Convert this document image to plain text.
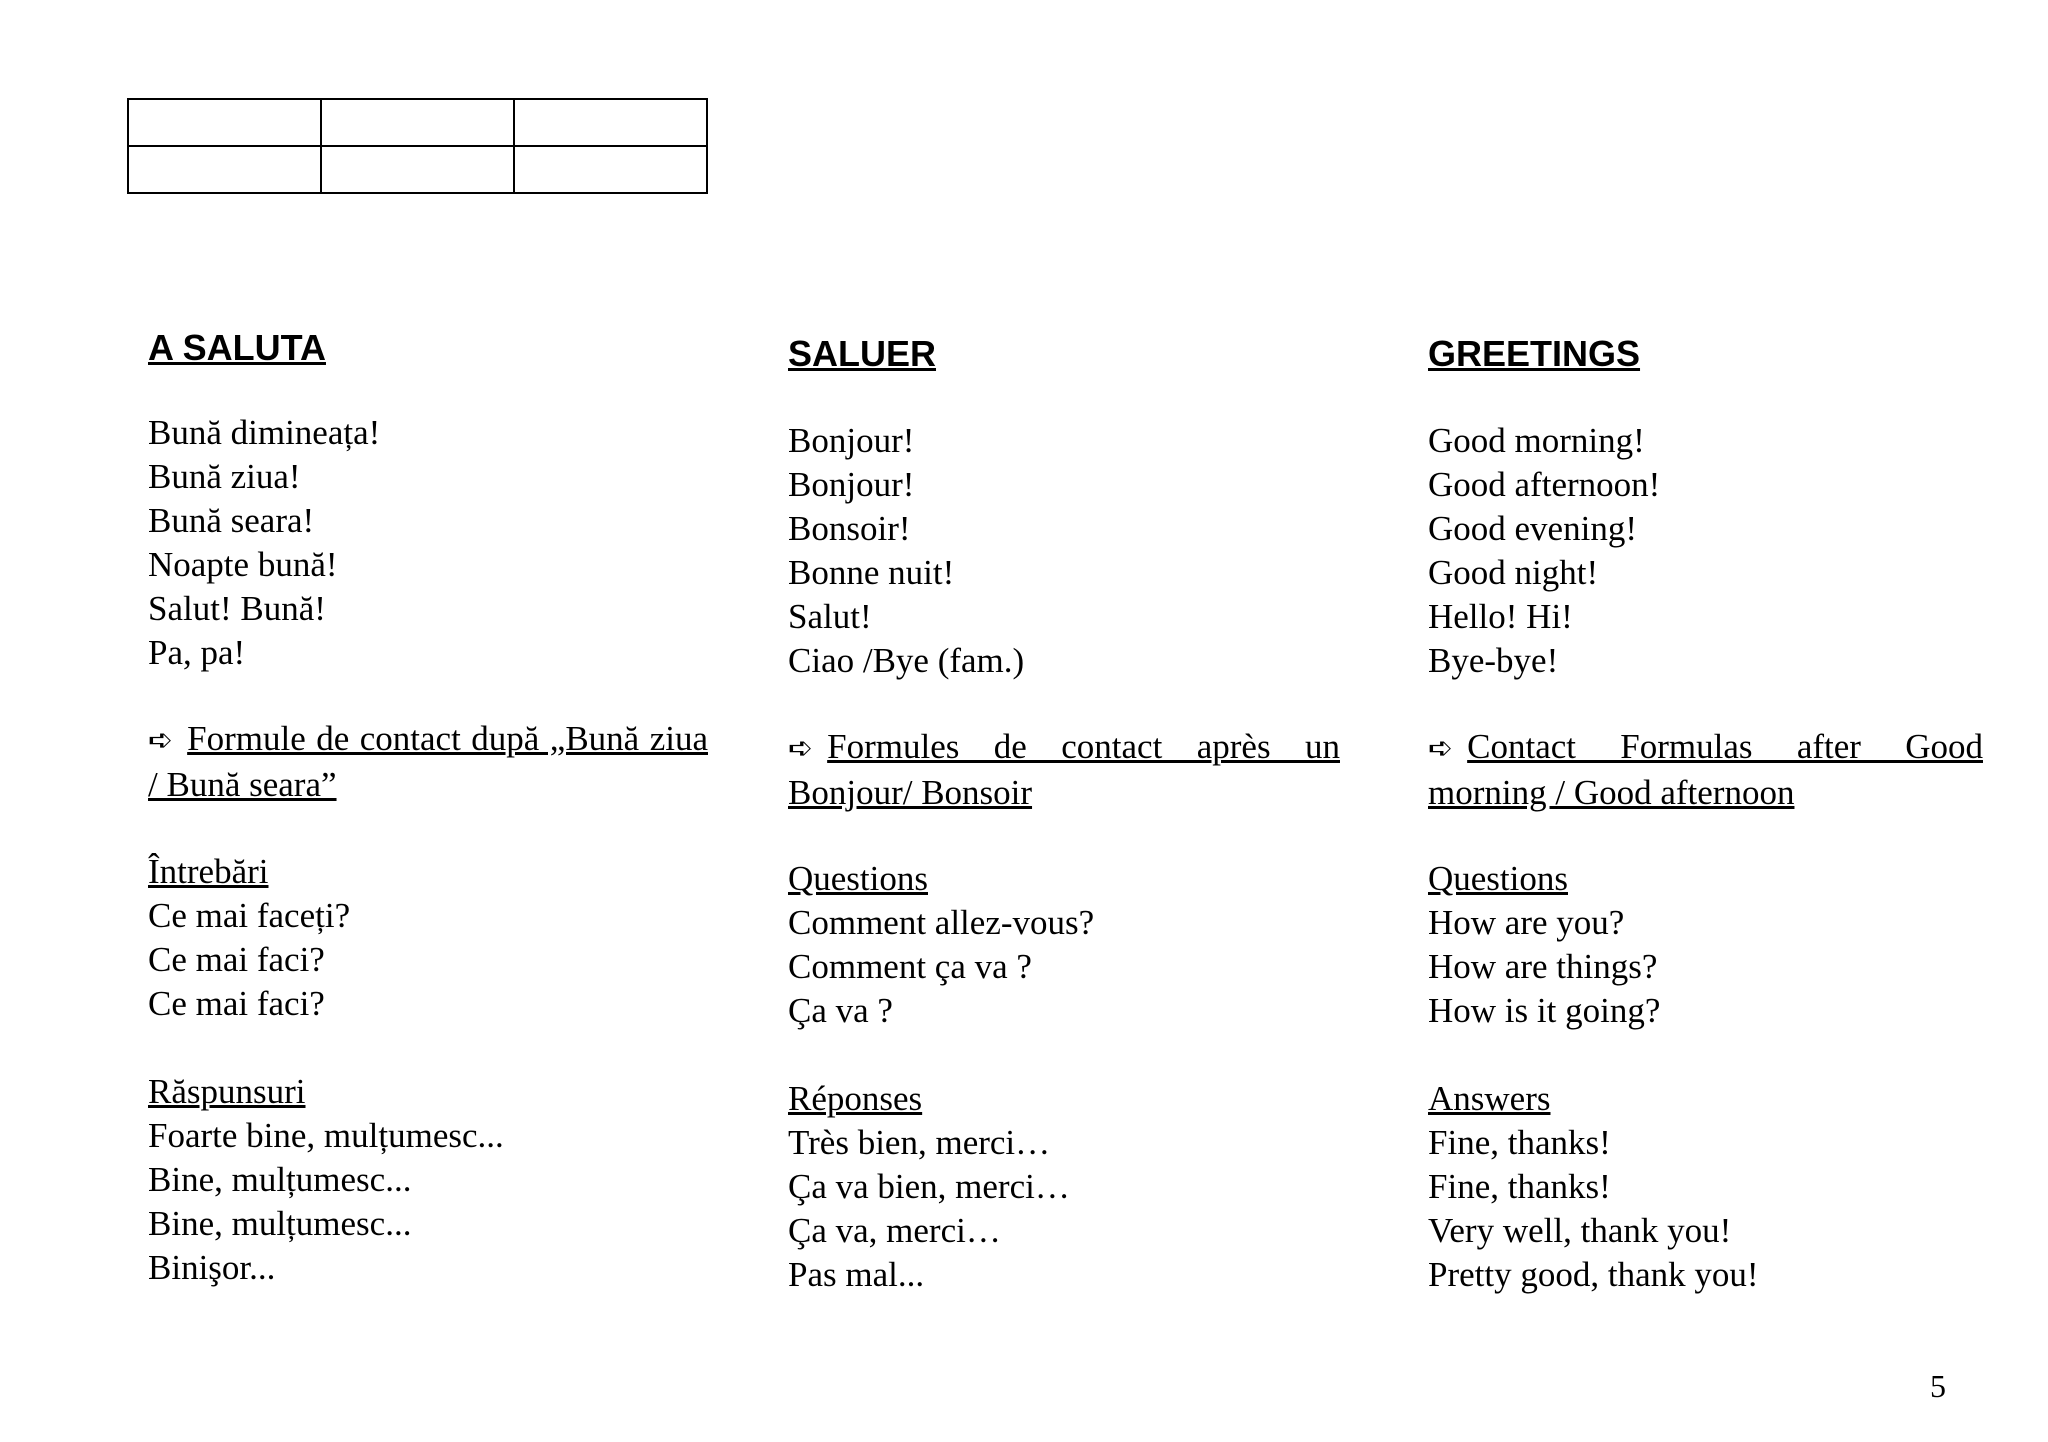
A SALUTA
Bună dimineața!
Bună ziua!
Bună seara!
Noapte bună!
Salut! Bună!
Pa, pa!
➪ Formule de contact după „Bună ziua / Bună seara”
Întrebări
Ce mai faceți?
Ce mai faci?
Ce mai faci?
Răspunsuri
Foarte bine, mulțumesc...
Bine, mulțumesc...
Bine, mulțumesc...
Binişor...
SALUER
Bonjour!
Bonjour!
Bonsoir!
Bonne nuit!
Salut!
Ciao /Bye (fam.)
➪ Formules de contact après un Bonjour/ Bonsoir
Questions
Comment allez-vous?
Comment ça va ?
Ça va ?
Réponses
Très bien, merci…
Ça va bien, merci…
Ça va, merci…
Pas mal...
GREETINGS
Good morning!
Good afternoon!
Good evening!
Good night!
Hello! Hi!
Bye-bye!
➪ Contact Formulas after Good morning / Good afternoon
Questions
How are you?
How are things?
How is it going?
Answers
Fine, thanks!
Fine, thanks!
Very well, thank you!
Pretty good, thank you!
5
